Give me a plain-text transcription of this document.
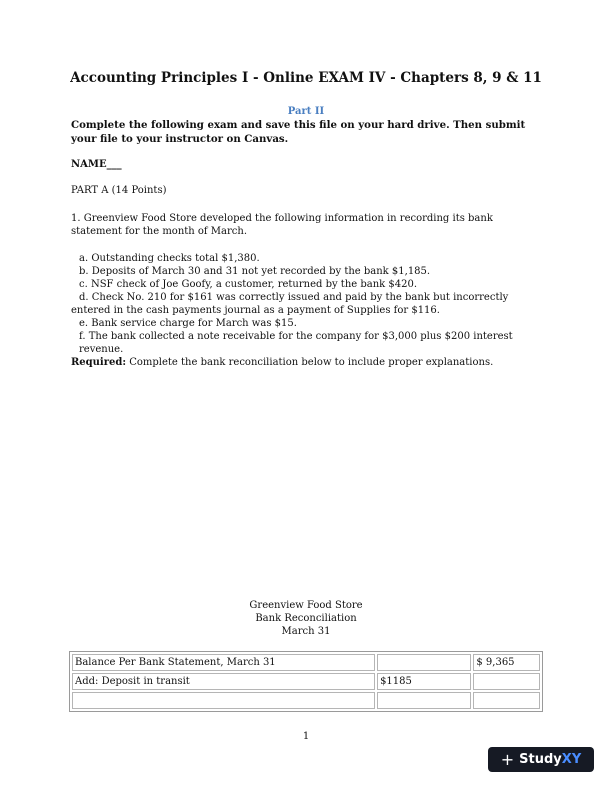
Accounting Principles I - Online EXAM IV - Chapters 8, 9 & 11
Part II
Complete the following exam and save this file on your hard drive. Then submit your file to your instructor on Canvas.
NAME___
PART A (14 Points)
1. Greenview Food Store developed the following information in recording its bank statement for the month of March.
a. Outstanding checks total $1,380.
b. Deposits of March 30 and 31 not yet recorded by the bank $1,185.
c. NSF check of Joe Goofy, a customer, returned by the bank $420.
d. Check No. 210 for $161 was correctly issued and paid by the bank but incorrectly entered in the cash payments journal as a payment of Supplies for $116.
e. Bank service charge for March was $15.
f. The bank collected a note receivable for the company for $3,000 plus $200 interest revenue.
Required: Complete the bank reconciliation below to include proper explanations.
Greenview Food Store
Bank Reconciliation
March 31
Balance Per Bank Statement, March 31		$ 9,365
Add: Deposit in transit	$1185	

1
+ Study XY
